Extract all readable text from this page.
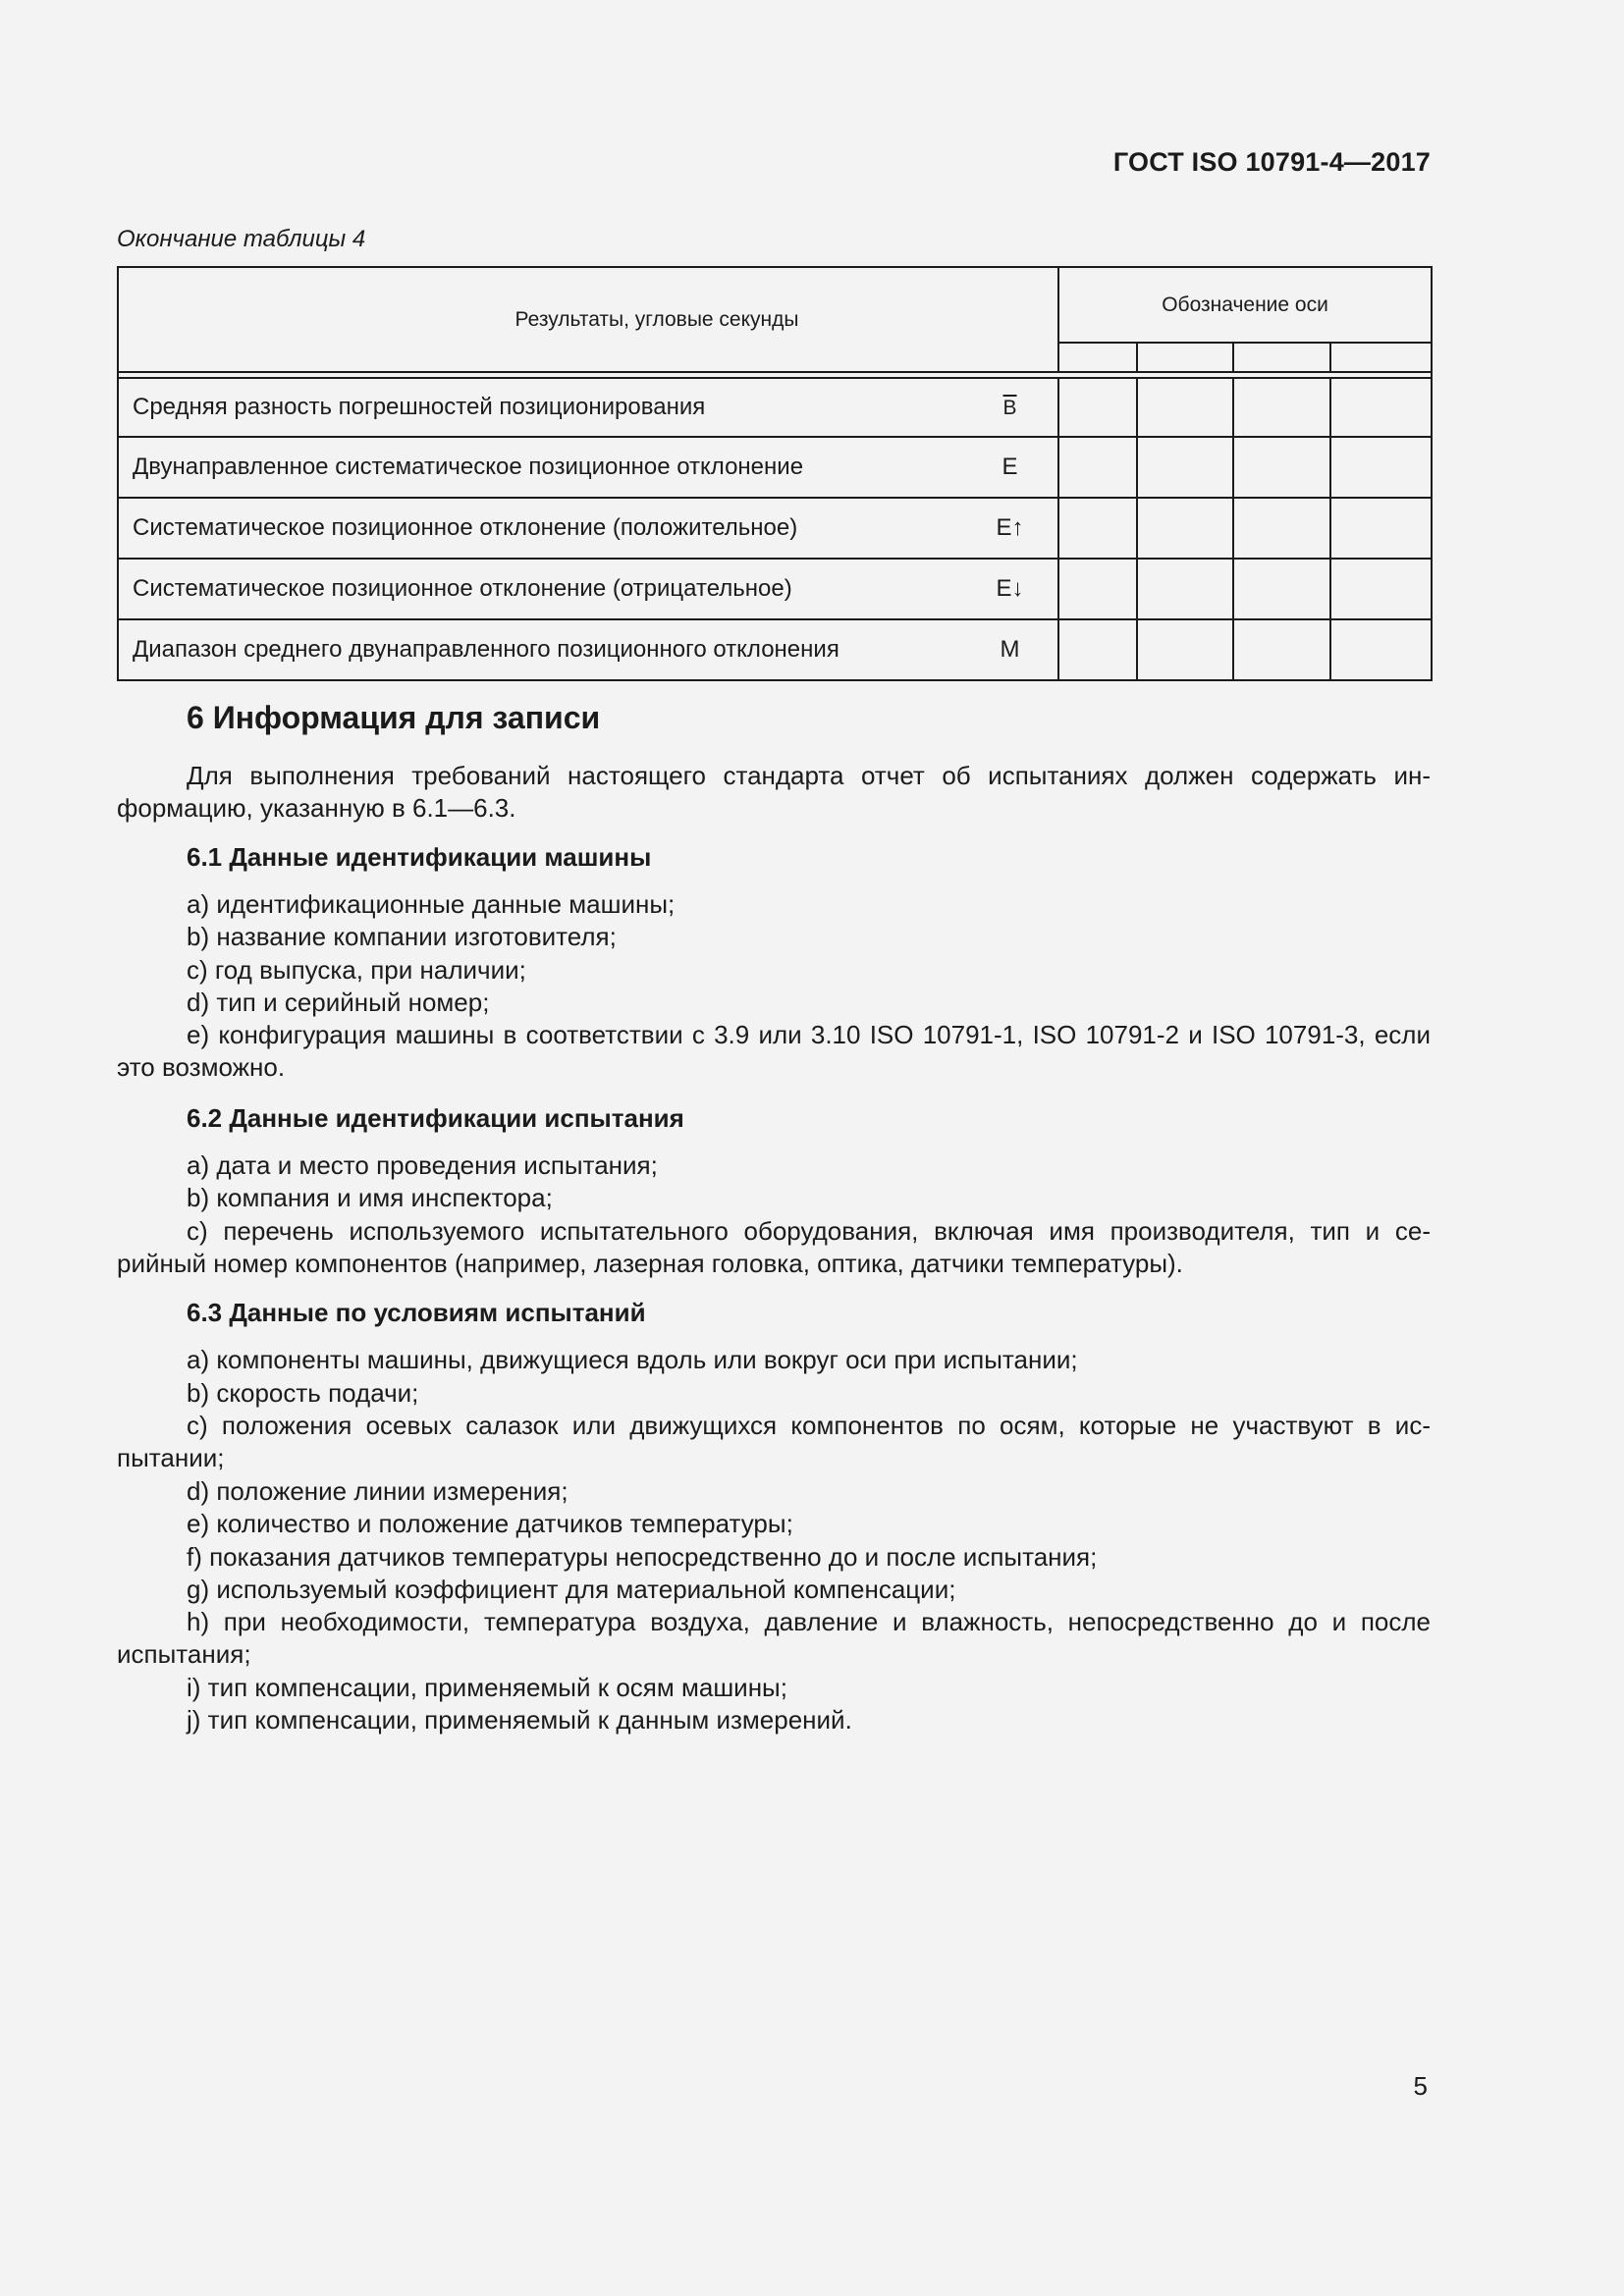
ГОСТ ISO 10791-4—2017
Окончание таблицы 4
Результаты, угловые секунды		Обозначение оси			

Средняя разность погрешностей позиционирования	$\overline{B}$				
Двунаправленное систематическое позиционное отклонение	E				
Систематическое позиционное отклонение (положительное)	E↑				
Систематическое позиционное отклонение (отрицательное)	E↓				
Диапазон среднего двунаправленного позиционного отклонения	M				
6 Информация для записи
Для выполнения требований настоящего стандарта отчет об испытаниях должен содержать ин-формацию, указанную в 6.1—6.3.
6.1 Данные идентификации машины
a) идентификационные данные машины;
b) название компании изготовителя;
c) год выпуска, при наличии;
d) тип и серийный номер;
e) конфигурация машины в соответствии с 3.9 или 3.10 ISO 10791-1, ISO 10791-2 и ISO 10791-3, если это возможно.
6.2 Данные идентификации испытания
a) дата и место проведения испытания;
b) компания и имя инспектора;
c) перечень используемого испытательного оборудования, включая имя производителя, тип и се-рийный номер компонентов (например, лазерная головка, оптика, датчики температуры).
6.3 Данные по условиям испытаний
a) компоненты машины, движущиеся вдоль или вокруг оси при испытании;
b) скорость подачи;
c) положения осевых салазок или движущихся компонентов по осям, которые не участвуют в ис-пытании;
d) положение линии измерения;
e) количество и положение датчиков температуры;
f) показания датчиков температуры непосредственно до и после испытания;
g) используемый коэффициент для материальной компенсации;
h) при необходимости, температура воздуха, давление и влажность, непосредственно до и после испытания;
i) тип компенсации, применяемый к осям машины;
j) тип компенсации, применяемый к данным измерений.
5
